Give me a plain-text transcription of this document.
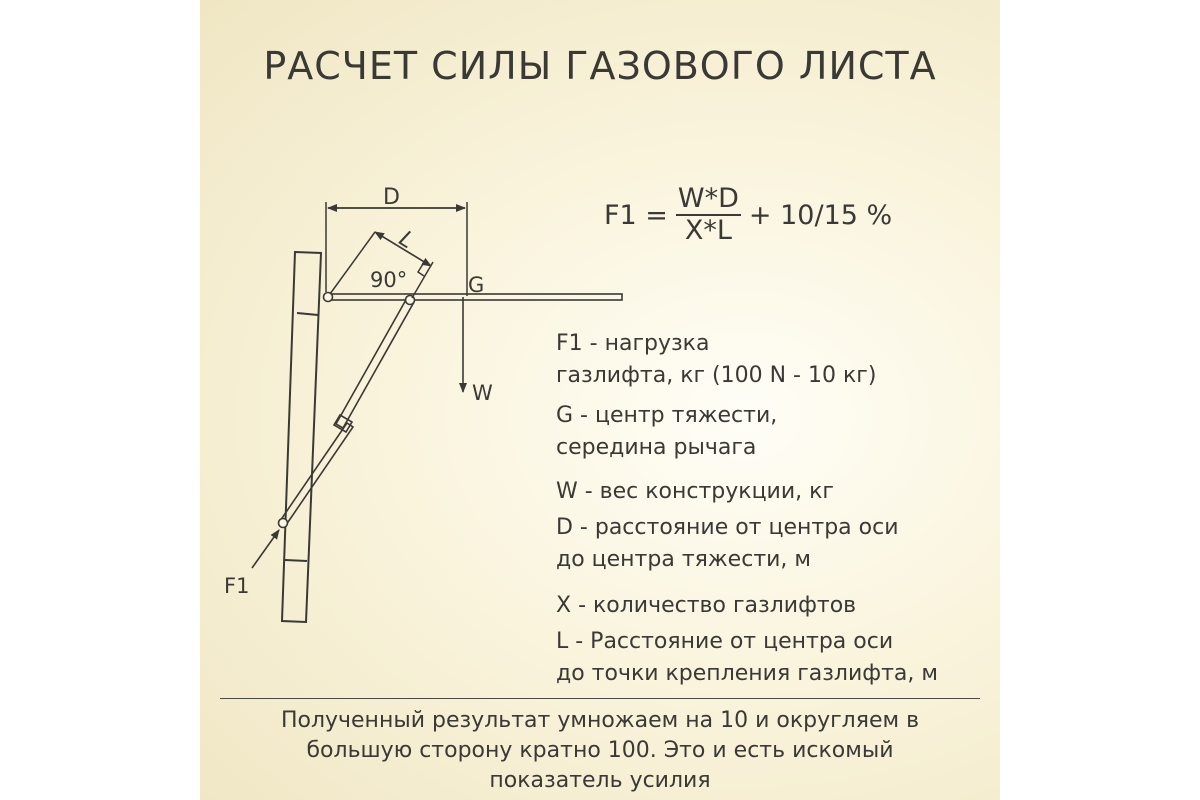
РАСЧЕТ СИЛЫ ГАЗОВОГО ЛИСТА
D
L
90°	G
W
F1
$F1 = \frac{W*D}{X*L} + 10/15$ %
F1 - нагрузка
газлифта, кг (100 N - 10 кг)
G - центр тяжести,
середина рычага
W - вес конструкции, кг
D - расстояние от центра оси
до центра тяжести, м
X - количество газлифтов
L - Расстояние от центра оси
до точки крепления газлифта, м
Полученный результат умножаем на 10 и округляем в
большую сторону кратно 100. Это и есть искомый
показатель усилия
